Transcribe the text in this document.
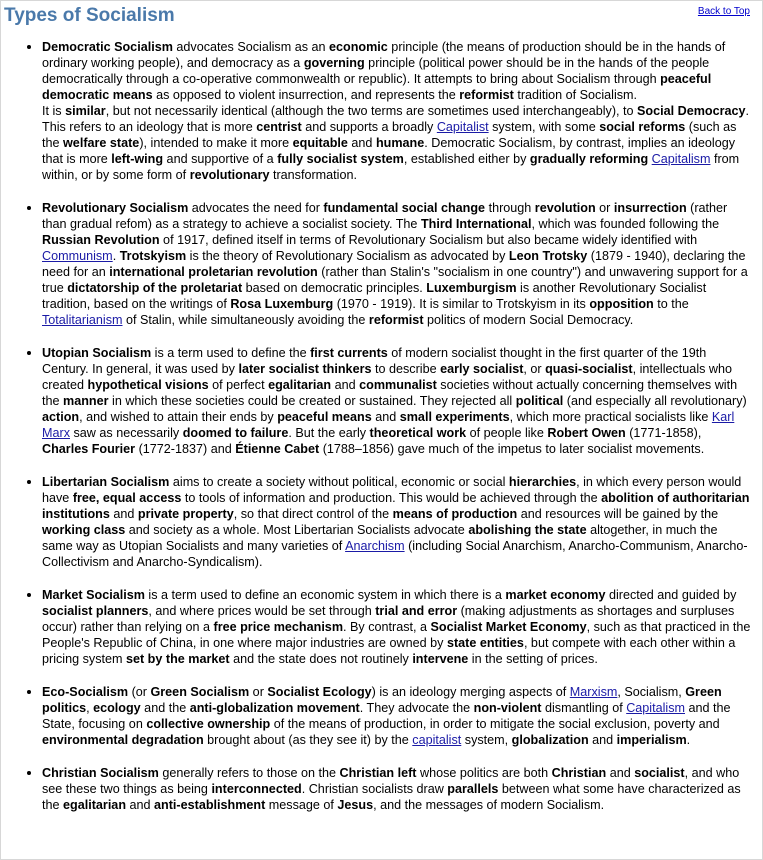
Types of Socialism	Back to Top
• Democratic Socialism advocates Socialism as an economic principle (the means of production should be in the hands of ordinary working people), and democracy as a governing principle (political power should be in the hands of the people democratically through a co-operative commonwealth or republic). It attempts to bring about Socialism through peaceful democratic means as opposed to violent insurrection, and represents the reformist tradition of Socialism.
It is similar, but not necessarily identical (although the two terms are sometimes used interchangeably), to Social Democracy. This refers to an ideology that is more centrist and supports a broadly Capitalist system, with some social reforms (such as the welfare state), intended to make it more equitable and humane. Democratic Socialism, by contrast, implies an ideology that is more left-wing and supportive of a fully socialist system, established either by gradually reforming Capitalism from within, or by some form of revolutionary transformation.
• Revolutionary Socialism advocates the need for fundamental social change through revolution or insurrection (rather than gradual refom) as a strategy to achieve a socialist society. The Third International, which was founded following the Russian Revolution of 1917, defined itself in terms of Revolutionary Socialism but also became widely identified with Communism. Trotskyism is the theory of Revolutionary Socialism as advocated by Leon Trotsky (1879 - 1940), declaring the need for an international proletarian revolution (rather than Stalin's "socialism in one country") and unwavering support for a true dictatorship of the proletariat based on democratic principles. Luxemburgism is another Revolutionary Socialist tradition, based on the writings of Rosa Luxemburg (1970 - 1919). It is similar to Trotskyism in its opposition to the Totalitarianism of Stalin, while simultaneously avoiding the reformist politics of modern Social Democracy.
• Utopian Socialism is a term used to define the first currents of modern socialist thought in the first quarter of the 19th Century. In general, it was used by later socialist thinkers to describe early socialist, or quasi-socialist, intellectuals who created hypothetical visions of perfect egalitarian and communalist societies without actually concerning themselves with the manner in which these societies could be created or sustained. They rejected all political (and especially all revolutionary) action, and wished to attain their ends by peaceful means and small experiments, which more practical socialists like Karl Marx saw as necessarily doomed to failure. But the early theoretical work of people like Robert Owen (1771-1858), Charles Fourier (1772-1837) and Étienne Cabet (1788–1856) gave much of the impetus to later socialist movements.
• Libertarian Socialism aims to create a society without political, economic or social hierarchies, in which every person would have free, equal access to tools of information and production. This would be achieved through the abolition of authoritarian institutions and private property, so that direct control of the means of production and resources will be gained by the working class and society as a whole. Most Libertarian Socialists advocate abolishing the state altogether, in much the same way as Utopian Socialists and many varieties of Anarchism (including Social Anarchism, Anarcho-Communism, Anarcho-Collectivism and Anarcho-Syndicalism).
• Market Socialism is a term used to define an economic system in which there is a market economy directed and guided by socialist planners, and where prices would be set through trial and error (making adjustments as shortages and surpluses occur) rather than relying on a free price mechanism. By contrast, a Socialist Market Economy, such as that practiced in the People's Republic of China, in one where major industries are owned by state entities, but compete with each other within a pricing system set by the market and the state does not routinely intervene in the setting of prices.
• Eco-Socialism (or Green Socialism or Socialist Ecology) is an ideology merging aspects of Marxism, Socialism, Green politics, ecology and the anti-globalization movement. They advocate the non-violent dismantling of Capitalism and the State, focusing on collective ownership of the means of production, in order to mitigate the social exclusion, poverty and environmental degradation brought about (as they see it) by the capitalist system, globalization and imperialism.
• Christian Socialism generally refers to those on the Christian left whose politics are both Christian and socialist, and who see these two things as being interconnected. Christian socialists draw parallels between what some have characterized as the egalitarian and anti-establishment message of Jesus, and the messages of modern Socialism.
